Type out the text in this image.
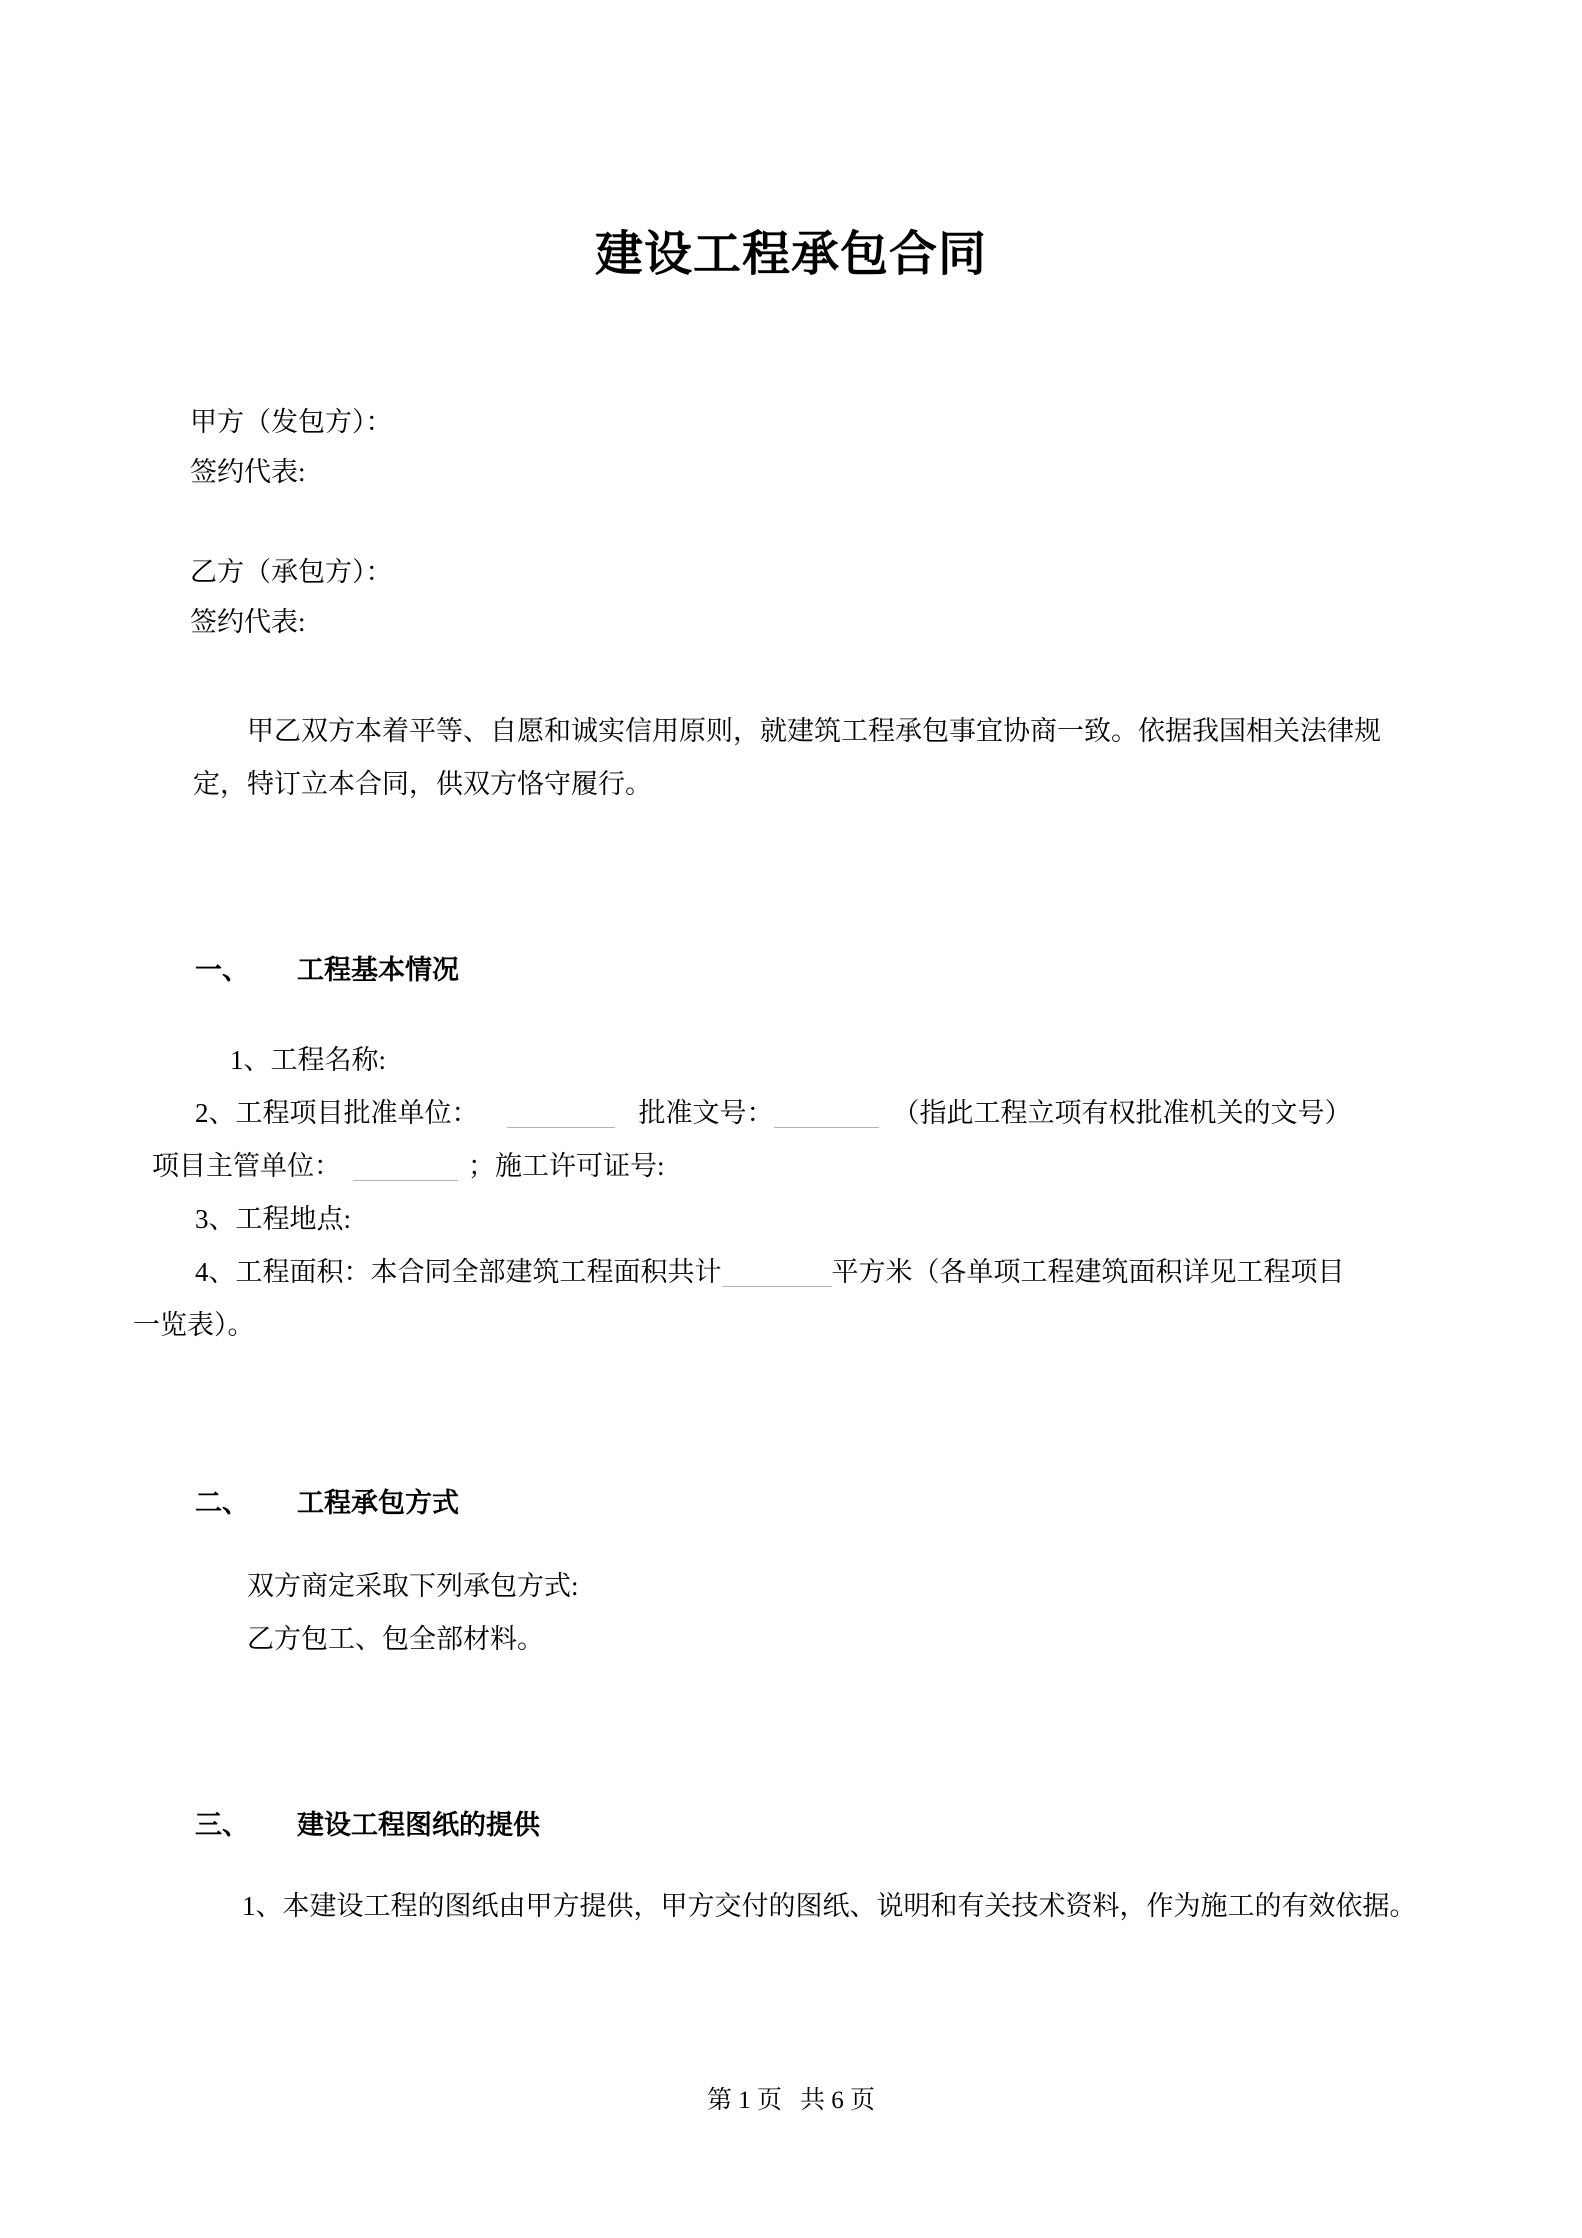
建设工程承包合同
甲方（发包方）：
签约代表:
乙方（承包方）：
签约代表:
甲乙双方本着平等、自愿和诚实信用原则，就建筑工程承包事宜协商一致。依据我国相关法律规
定，特订立本合同，供双方恪守履行。
一、 工程基本情况
1、工程名称:
2、工程项目批准单位：	批准文号：	（指此工程立项有权批准机关的文号）
项目主管单位：	；施工许可证号:
3、工程地点:
4、工程面积：本合同全部建筑工程面积共计	平方米（各单项工程建筑面积详见工程项目
一览表）。
二、 工程承包方式
双方商定采取下列承包方式:
乙方包工、包全部材料。
三、 建设工程图纸的提供
1、本建设工程的图纸由甲方提供，甲方交付的图纸、说明和有关技术资料，作为施工的有效依据。
第 1 页 共 6 页
